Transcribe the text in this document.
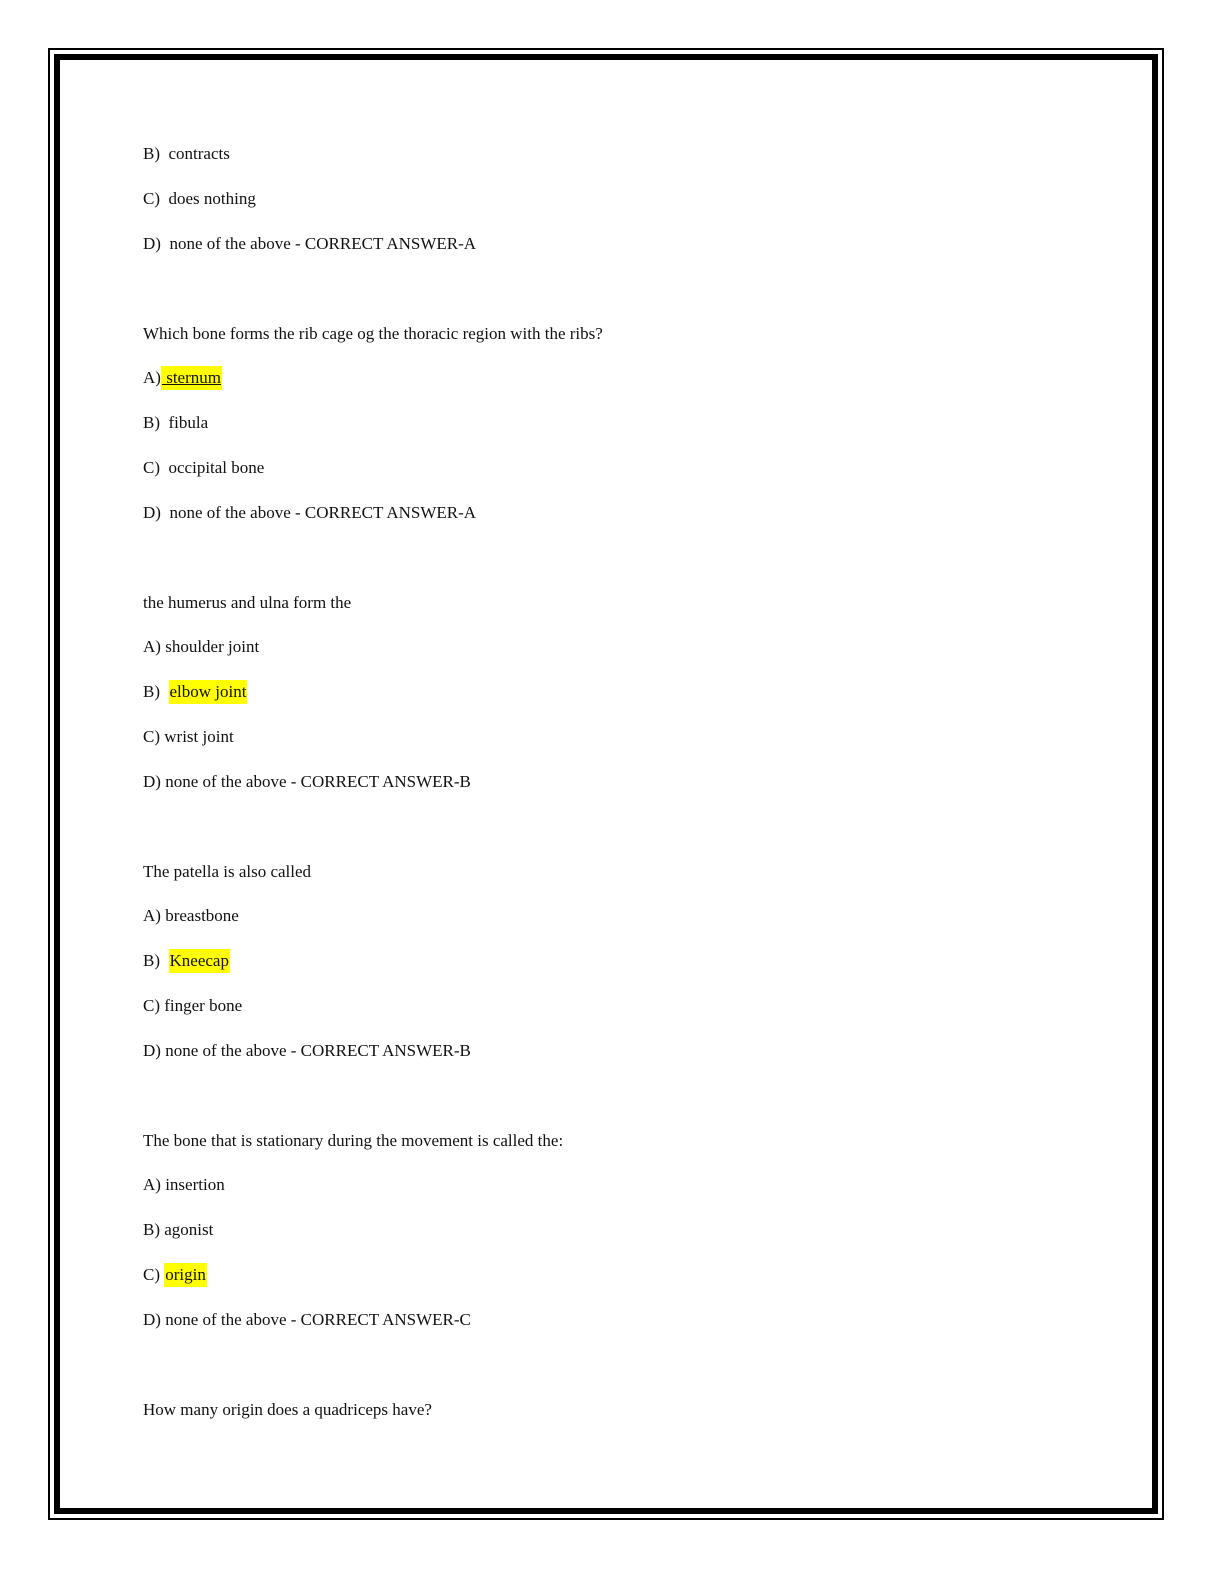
B)  contracts
C)  does nothing
D)  none of the above - CORRECT ANSWER-A
Which bone forms the rib cage og the thoracic region with the ribs?
A) sternum
B)  fibula
C)  occipital bone
D)  none of the above - CORRECT ANSWER-A
the humerus and ulna form the
A) shoulder joint
B)  elbow joint
C) wrist joint
D) none of the above - CORRECT ANSWER-B
The patella is also called
A) breastbone
B)  Kneecap
C) finger bone
D) none of the above - CORRECT ANSWER-B
The bone that is stationary during the movement is called the:
A) insertion
B) agonist
C) origin
D) none of the above - CORRECT ANSWER-C
How many origin does a quadriceps have?
